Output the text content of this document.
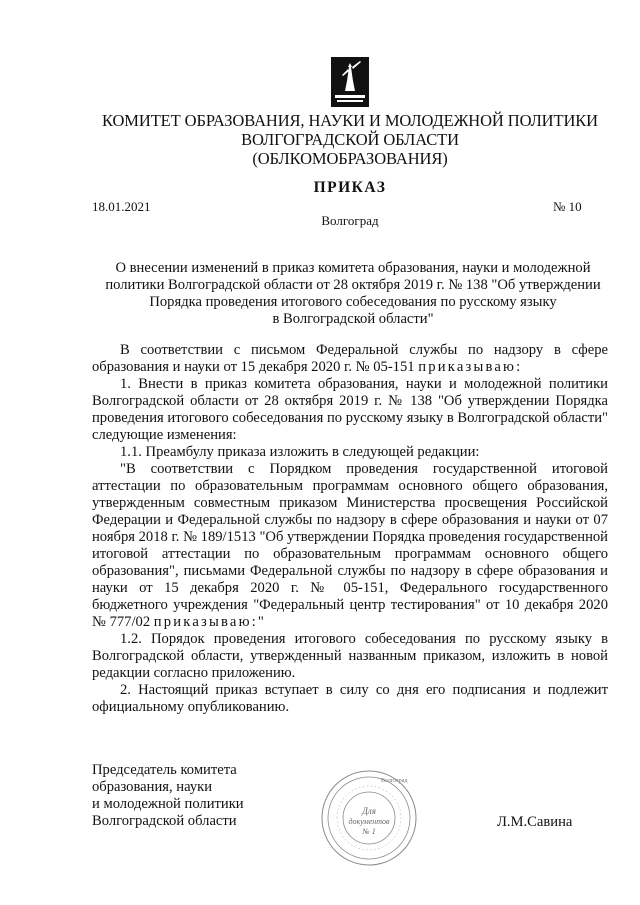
КОМИТЕТ ОБРАЗОВАНИЯ, НАУКИ И МОЛОДЕЖНОЙ ПОЛИТИКИ
ВОЛГОГРАДСКОЙ ОБЛАСТИ
(ОБЛКОМОБРАЗОВАНИЯ)
ПРИКАЗ
18.01.2021	№ 10
Волгоград
О внесении изменений в приказ комитета образования, науки и молодежной
политики Волгоградской области от 28 октября 2019 г. № 138 "Об утверждении
Порядка проведения итогового собеседования по русскому языку
в Волгоградской области"

В соответствии с письмом Федеральной службы по надзору в сфере образования и науки от 15 декабря 2020 г. № 05-151 приказываю:

1. Внести в приказ комитета образования, науки и молодежной политики Волгоградской области от 28 октября 2019 г. № 138 "Об утверждении Порядка проведения итогового собеседования по русскому языку в Волгоградской области" следующие изменения:

1.1. Преамбулу приказа изложить в следующей редакции:

"В соответствии с Порядком проведения государственной итоговой аттестации по образовательным программам основного общего образования, утвержденным совместным приказом Министерства просвещения Российской Федерации и Федеральной службы по надзору в сфере образования и науки от 07 ноября 2018 г. № 189/1513 "Об утверждении Порядка проведения государственной итоговой аттестации по образовательным программам основного общего образования", письмами Федеральной службы по надзору в сфере образования и науки от 15 декабря 2020 г. № 05-151, Федерального государственного бюджетного учреждения "Федеральный центр тестирования" от 10 декабря 2020 № 777/02 приказываю:"

1.2. Порядок проведения итогового собеседования по русскому языку в Волгоградской области, утвержденный названным приказом, изложить в новой редакции согласно приложению.

2. Настоящий приказ вступает в силу со дня его подписания и подлежит официальному опубликованию.

Председатель комитета
образования, науки
и молодежной политики
Волгоградской области
Для
документов
№ 1
Волгоград
Л.М.Савина
